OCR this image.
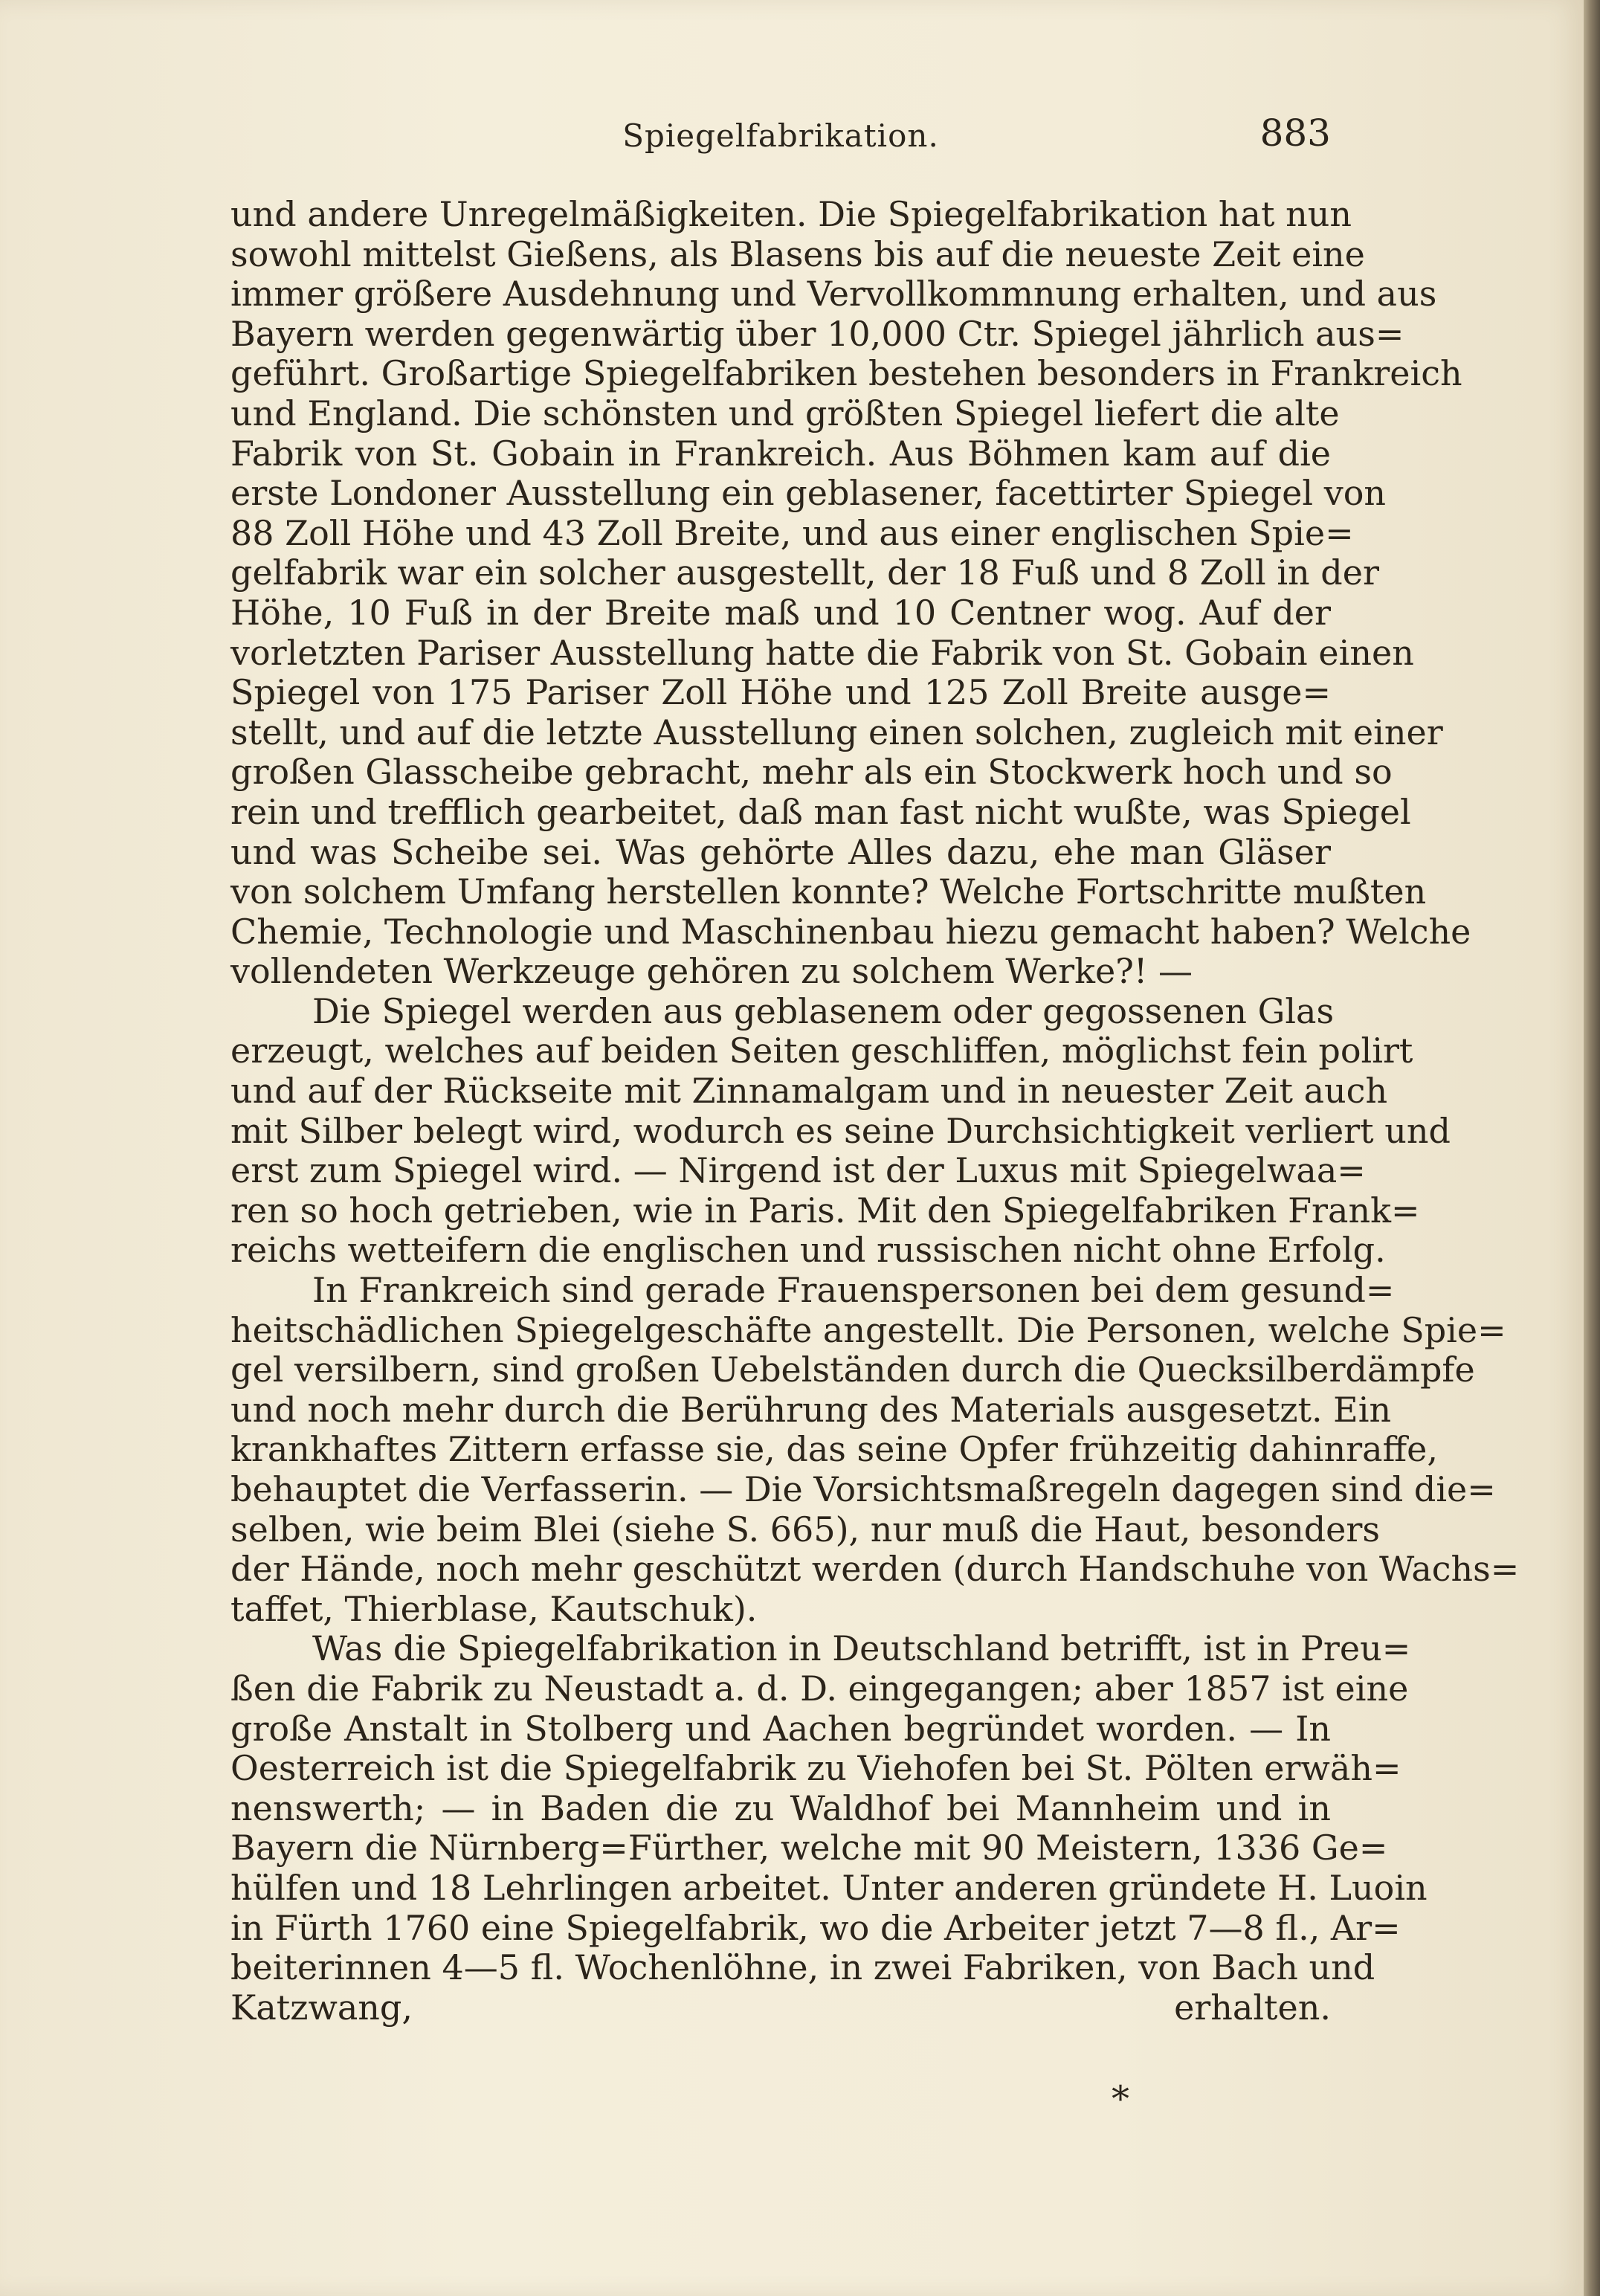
Spiegelfabrikation.	883
und andere Unregelmäßigkeiten. Die Spiegelfabrikation hat nun
sowohl mittelst Gießens, als Blasens bis auf die neueste Zeit eine
immer größere Ausdehnung und Vervollkommnung erhalten, und aus
Bayern werden gegenwärtig über 10,000 Ctr. Spiegel jährlich aus=
geführt. Großartige Spiegelfabriken bestehen besonders in Frankreich
und England. Die schönsten und größten Spiegel liefert die alte
Fabrik von St. Gobain in Frankreich. Aus Böhmen kam auf die
erste Londoner Ausstellung ein geblasener, facettirter Spiegel von
88 Zoll Höhe und 43 Zoll Breite, und aus einer englischen Spie=
gelfabrik war ein solcher ausgestellt, der 18 Fuß und 8 Zoll in der
Höhe, 10 Fuß in der Breite maß und 10 Centner wog. Auf der
vorletzten Pariser Ausstellung hatte die Fabrik von St. Gobain einen
Spiegel von 175 Pariser Zoll Höhe und 125 Zoll Breite ausge=
stellt, und auf die letzte Ausstellung einen solchen, zugleich mit einer
großen Glasscheibe gebracht, mehr als ein Stockwerk hoch und so
rein und trefflich gearbeitet, daß man fast nicht wußte, was Spiegel
und was Scheibe sei. Was gehörte Alles dazu, ehe man Gläser
von solchem Umfang herstellen konnte? Welche Fortschritte mußten
Chemie, Technologie und Maschinenbau hiezu gemacht haben? Welche
vollendeten Werkzeuge gehören zu solchem Werke?! —
Die Spiegel werden aus geblasenem oder gegossenen Glas
erzeugt, welches auf beiden Seiten geschliffen, möglichst fein polirt
und auf der Rückseite mit Zinnamalgam und in neuester Zeit auch
mit Silber belegt wird, wodurch es seine Durchsichtigkeit verliert und
erst zum Spiegel wird. — Nirgend ist der Luxus mit Spiegelwaa=
ren so hoch getrieben, wie in Paris. Mit den Spiegelfabriken Frank=
reichs wetteifern die englischen und russischen nicht ohne Erfolg.
In Frankreich sind gerade Frauenspersonen bei dem gesund=
heitschädlichen Spiegelgeschäfte angestellt. Die Personen, welche Spie=
gel versilbern, sind großen Uebelständen durch die Quecksilberdämpfe
und noch mehr durch die Berührung des Materials ausgesetzt. Ein
krankhaftes Zittern erfasse sie, das seine Opfer frühzeitig dahinraffe,
behauptet die Verfasserin. — Die Vorsichtsmaßregeln dagegen sind die=
selben, wie beim Blei (siehe S. 665), nur muß die Haut, besonders
der Hände, noch mehr geschützt werden (durch Handschuhe von Wachs=
taffet, Thierblase, Kautschuk).
Was die Spiegelfabrikation in Deutschland betrifft, ist in Preu=
ßen die Fabrik zu Neustadt a. d. D. eingegangen; aber 1857 ist eine
große Anstalt in Stolberg und Aachen begründet worden. — In
Oesterreich ist die Spiegelfabrik zu Viehofen bei St. Pölten erwäh=
nenswerth; — in Baden die zu Waldhof bei Mannheim und in
Bayern die Nürnberg=Fürther, welche mit 90 Meistern, 1336 Ge=
hülfen und 18 Lehrlingen arbeitet. Unter anderen gründete H. Luoin
in Fürth 1760 eine Spiegelfabrik, wo die Arbeiter jetzt 7—8 fl., Ar=
beiterinnen 4—5 fl. Wochenlöhne, in zwei Fabriken, von Bach und
Katzwang, erhalten.
*
